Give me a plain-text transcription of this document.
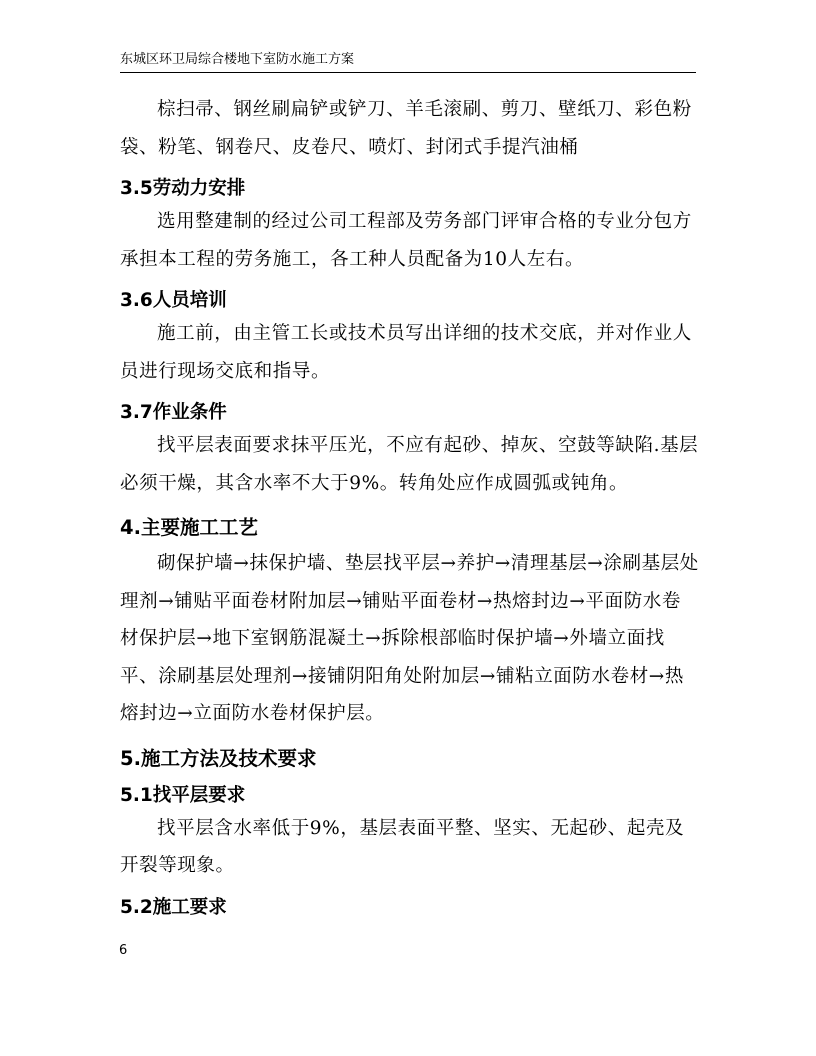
东城区环卫局综合楼地下室防水施工方案

棕扫帚、钢丝刷扁铲或铲刀、羊毛滚刷、剪刀、壁纸刀、彩色粉袋、粉笔、钢卷尺、皮卷尺、喷灯、封闭式手提汽油桶

3.5劳动力安排

选用整建制的经过公司工程部及劳务部门评审合格的专业分包方承担本工程的劳务施工，各工种人员配备为10人左右。

3.6人员培训

施工前，由主管工长或技术员写出详细的技术交底，并对作业人员进行现场交底和指导。

3.7作业条件

找平层表面要求抹平压光，不应有起砂、掉灰、空鼓等缺陷.基层必须干燥，其含水率不大于9%。转角处应作成圆弧或钝角。

4.主要施工工艺

砌保护墙→抹保护墙、垫层找平层→养护→清理基层→涂刷基层处理剂→铺贴平面卷材附加层→铺贴平面卷材→热熔封边→平面防水卷材保护层→地下室钢筋混凝土→拆除根部临时保护墙→外墙立面找平、涂刷基层处理剂→接铺阴阳角处附加层→铺粘立面防水卷材→热熔封边→立面防水卷材保护层。

5.施工方法及技术要求
5.1找平层要求

找平层含水率低于9%，基层表面平整、坚实、无起砂、起壳及开裂等现象。

5.2施工要求
6
